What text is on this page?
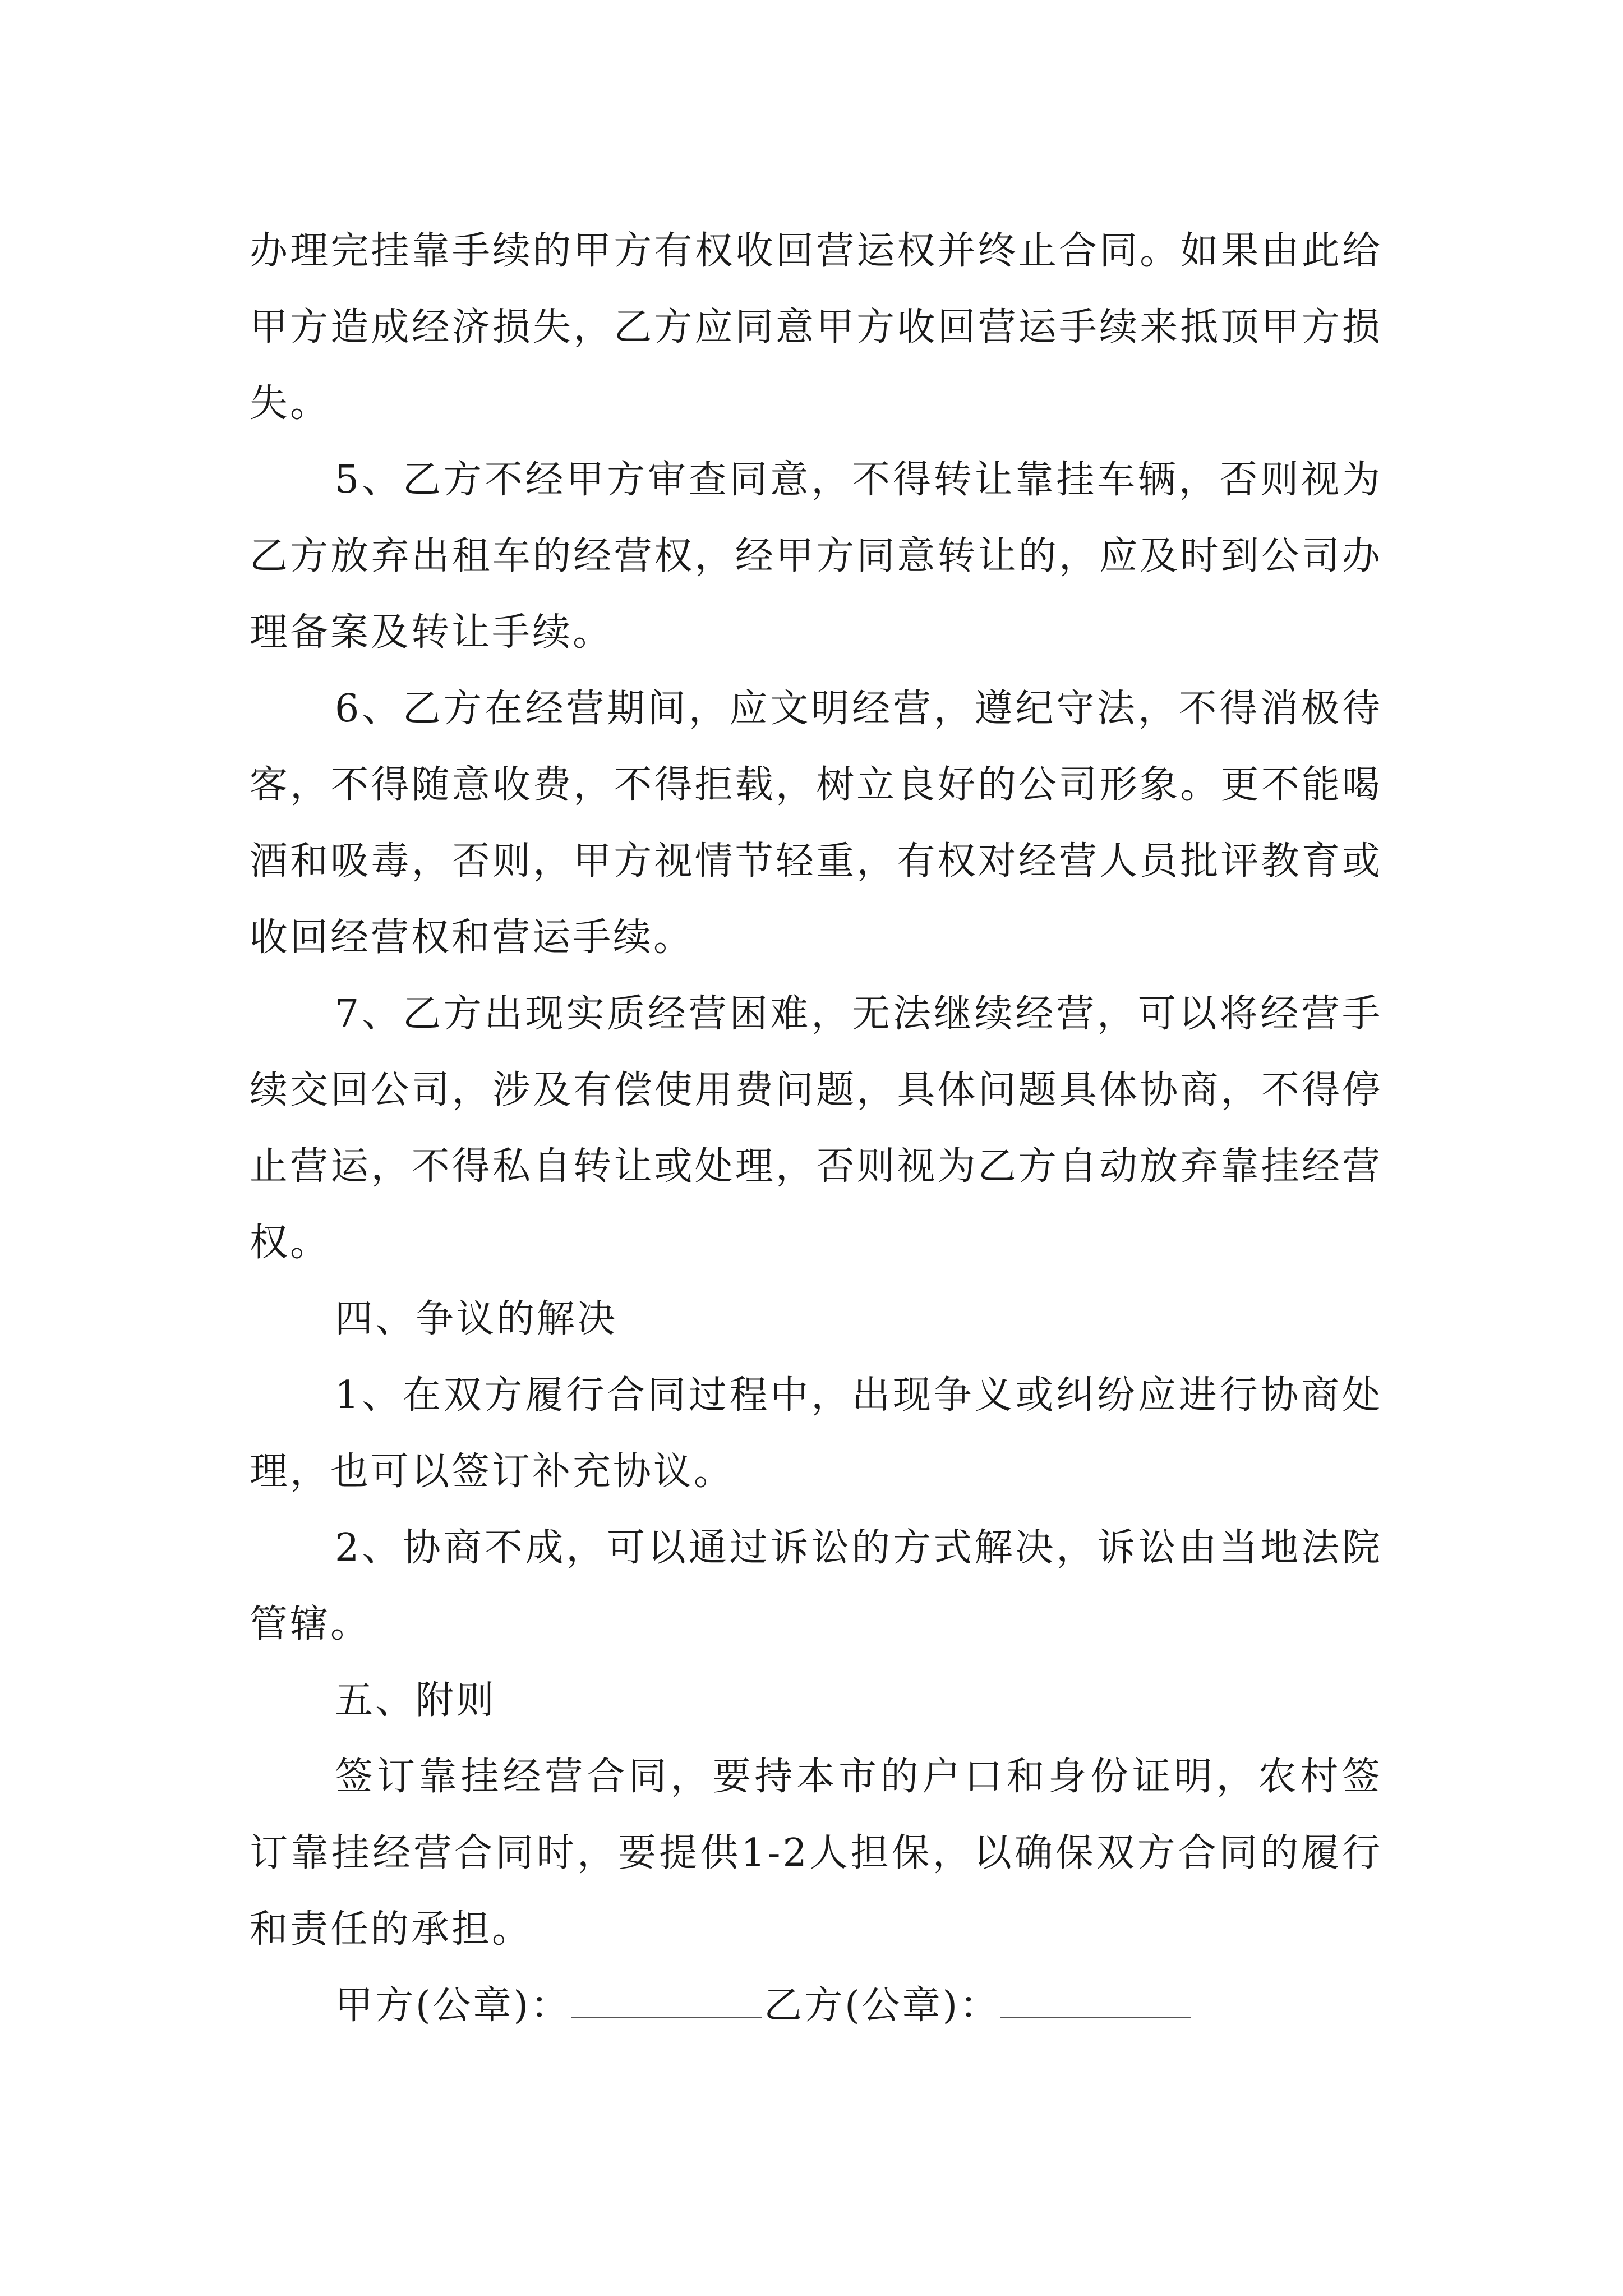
办理完挂靠手续的甲方有权收回营运权并终止合同。如果由此给甲方造成经济损失，乙方应同意甲方收回营运手续来抵顶甲方损失。

5、乙方不经甲方审查同意，不得转让靠挂车辆，否则视为乙方放弃出租车的经营权，经甲方同意转让的，应及时到公司办理备案及转让手续。

6、乙方在经营期间，应文明经营，遵纪守法，不得消极待客，不得随意收费，不得拒载，树立良好的公司形象。更不能喝酒和吸毒，否则，甲方视情节轻重，有权对经营人员批评教育或收回经营权和营运手续。

7、乙方出现实质经营困难，无法继续经营，可以将经营手续交回公司，涉及有偿使用费问题，具体问题具体协商，不得停止营运，不得私自转让或处理，否则视为乙方自动放弃靠挂经营权。

四、争议的解决

1、在双方履行合同过程中，出现争义或纠纷应进行协商处理，也可以签订补充协议。

2、协商不成，可以通过诉讼的方式解决，诉讼由当地法院管辖。

五、附则

签订靠挂经营合同，要持本市的户口和身份证明，农村签订靠挂经营合同时，要提供1-2人担保，以确保双方合同的履行和责任的承担。

甲方(公章)：	乙方(公章)：
